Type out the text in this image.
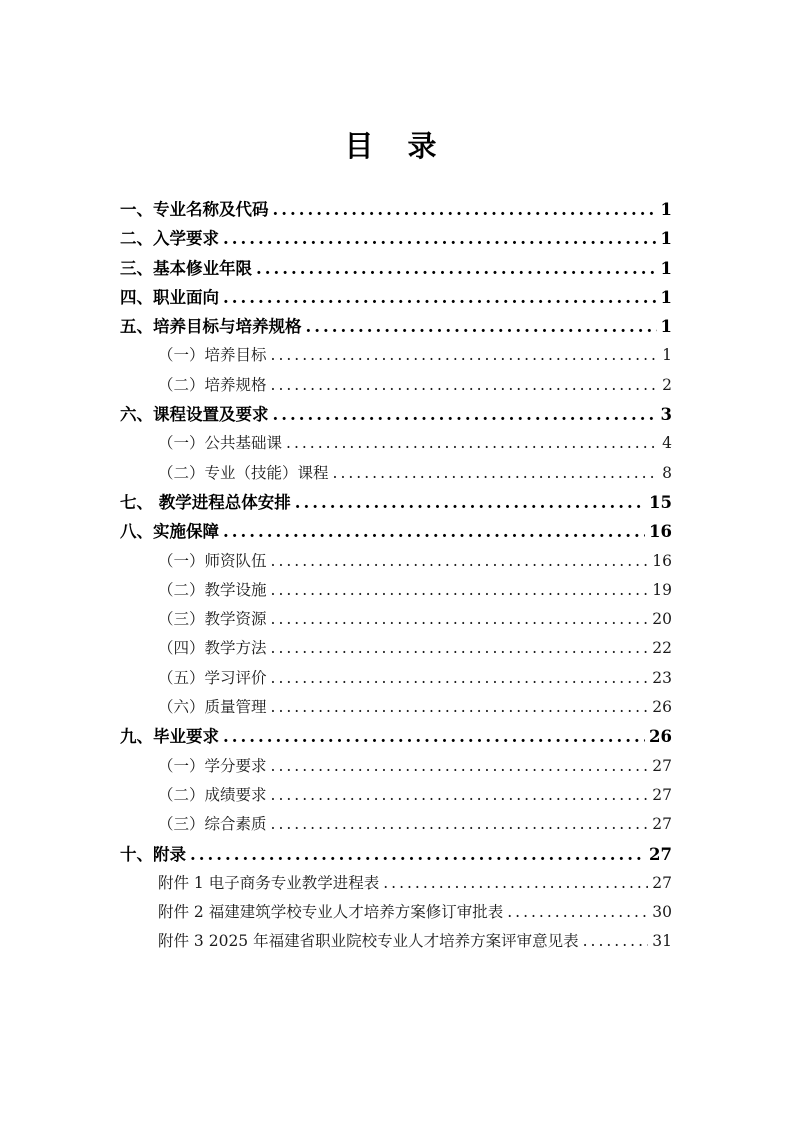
目 录
一、专业名称及代码 .....	1
二、入学要求 .....	1
三、基本修业年限 .....	1
四、职业面向 .....	1
五、培养目标与培养规格 .....	1
（一）培养目标 .....	1
（二）培养规格 .....	2
六、课程设置及要求 .....	3
（一）公共基础课 .....	4
（二）专业（技能）课程 .....	8
七、 教学进程总体安排 .....	15
八、实施保障 .....	16
（一）师资队伍 .....	16
（二）教学设施 .....	19
（三）教学资源 .....	20
（四）教学方法 .....	22
（五）学习评价 .....	23
（六）质量管理 .....	26
九、毕业要求 .....	26
（一）学分要求 .....	27
（二）成绩要求 .....	27
（三）综合素质 .....	27
十、附录 .....	27
附件 1 电子商务专业教学进程表 .....	27
附件 2 福建建筑学校专业人才培养方案修订审批表 .....	30
附件 3 2025 年福建省职业院校专业人才培养方案评审意见表 .....	31
